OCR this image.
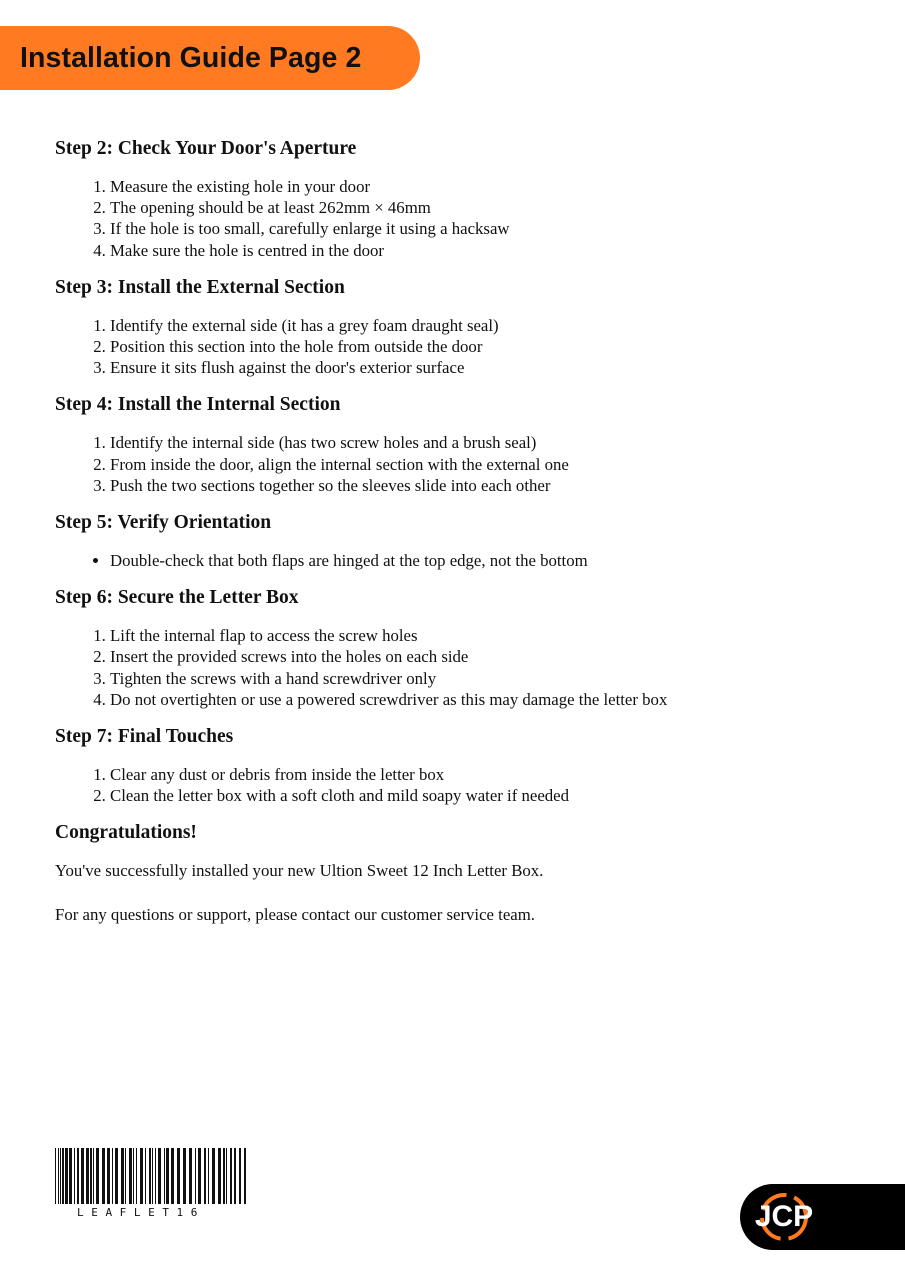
Installation Guide Page 2
Step 2: Check Your Door's Aperture
1. Measure the existing hole in your door
2. The opening should be at least 262mm × 46mm
3. If the hole is too small, carefully enlarge it using a hacksaw
4. Make sure the hole is centred in the door
Step 3: Install the External Section
1. Identify the external side (it has a grey foam draught seal)
2. Position this section into the hole from outside the door
3. Ensure it sits flush against the door's exterior surface
Step 4: Install the Internal Section
1. Identify the internal side (has two screw holes and a brush seal)
2. From inside the door, align the internal section with the external one
3. Push the two sections together so the sleeves slide into each other
Step 5: Verify Orientation
• Double-check that both flaps are hinged at the top edge, not the bottom
Step 6: Secure the Letter Box
1. Lift the internal flap to access the screw holes
2. Insert the provided screws into the holes on each side
3. Tighten the screws with a hand screwdriver only
4. Do not overtighten or use a powered screwdriver as this may damage the letter box
Step 7: Final Touches
1. Clear any dust or debris from inside the letter box
2. Clean the letter box with a soft cloth and mild soapy water if needed
Congratulations!

You've successfully installed your new Ultion Sweet 12 Inch Letter Box.

For any questions or support, please contact our customer service team.

LEAFLET16	JCP
